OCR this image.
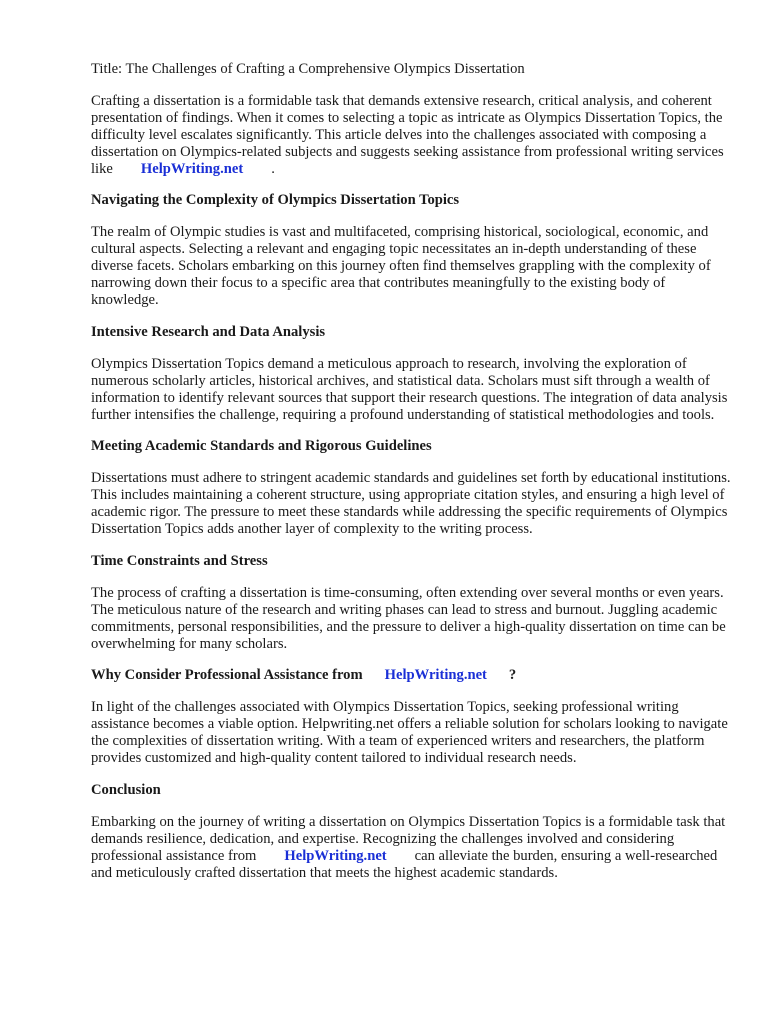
Title: The Challenges of Crafting a Comprehensive Olympics Dissertation

Crafting a dissertation is a formidable task that demands extensive research, critical analysis, and coherent presentation of findings. When it comes to selecting a topic as intricate as Olympics Dissertation Topics, the difficulty level escalates significantly. This article delves into the challenges associated with composing a dissertation on Olympics-related subjects and suggests seeking assistance from professional writing services like HelpWriting.net .

Navigating the Complexity of Olympics Dissertation Topics

The realm of Olympic studies is vast and multifaceted, comprising historical, sociological, economic, and cultural aspects. Selecting a relevant and engaging topic necessitates an in-depth understanding of these diverse facets. Scholars embarking on this journey often find themselves grappling with the complexity of narrowing down their focus to a specific area that contributes meaningfully to the existing body of knowledge.

Intensive Research and Data Analysis

Olympics Dissertation Topics demand a meticulous approach to research, involving the exploration of numerous scholarly articles, historical archives, and statistical data. Scholars must sift through a wealth of information to identify relevant sources that support their research questions. The integration of data analysis further intensifies the challenge, requiring a profound understanding of statistical methodologies and tools.

Meeting Academic Standards and Rigorous Guidelines

Dissertations must adhere to stringent academic standards and guidelines set forth by educational institutions. This includes maintaining a coherent structure, using appropriate citation styles, and ensuring a high level of academic rigor. The pressure to meet these standards while addressing the specific requirements of Olympics Dissertation Topics adds another layer of complexity to the writing process.

Time Constraints and Stress

The process of crafting a dissertation is time-consuming, often extending over several months or even years. The meticulous nature of the research and writing phases can lead to stress and burnout. Juggling academic commitments, personal responsibilities, and the pressure to deliver a high-quality dissertation on time can be overwhelming for many scholars.

Why Consider Professional Assistance from HelpWriting.net ?

In light of the challenges associated with Olympics Dissertation Topics, seeking professional writing assistance becomes a viable option. Helpwriting.net offers a reliable solution for scholars looking to navigate the complexities of dissertation writing. With a team of experienced writers and researchers, the platform provides customized and high-quality content tailored to individual research needs.

Conclusion

Embarking on the journey of writing a dissertation on Olympics Dissertation Topics is a formidable task that demands resilience, dedication, and expertise. Recognizing the challenges involved and considering professional assistance from HelpWriting.net can alleviate the burden, ensuring a well-researched and meticulously crafted dissertation that meets the highest academic standards.
